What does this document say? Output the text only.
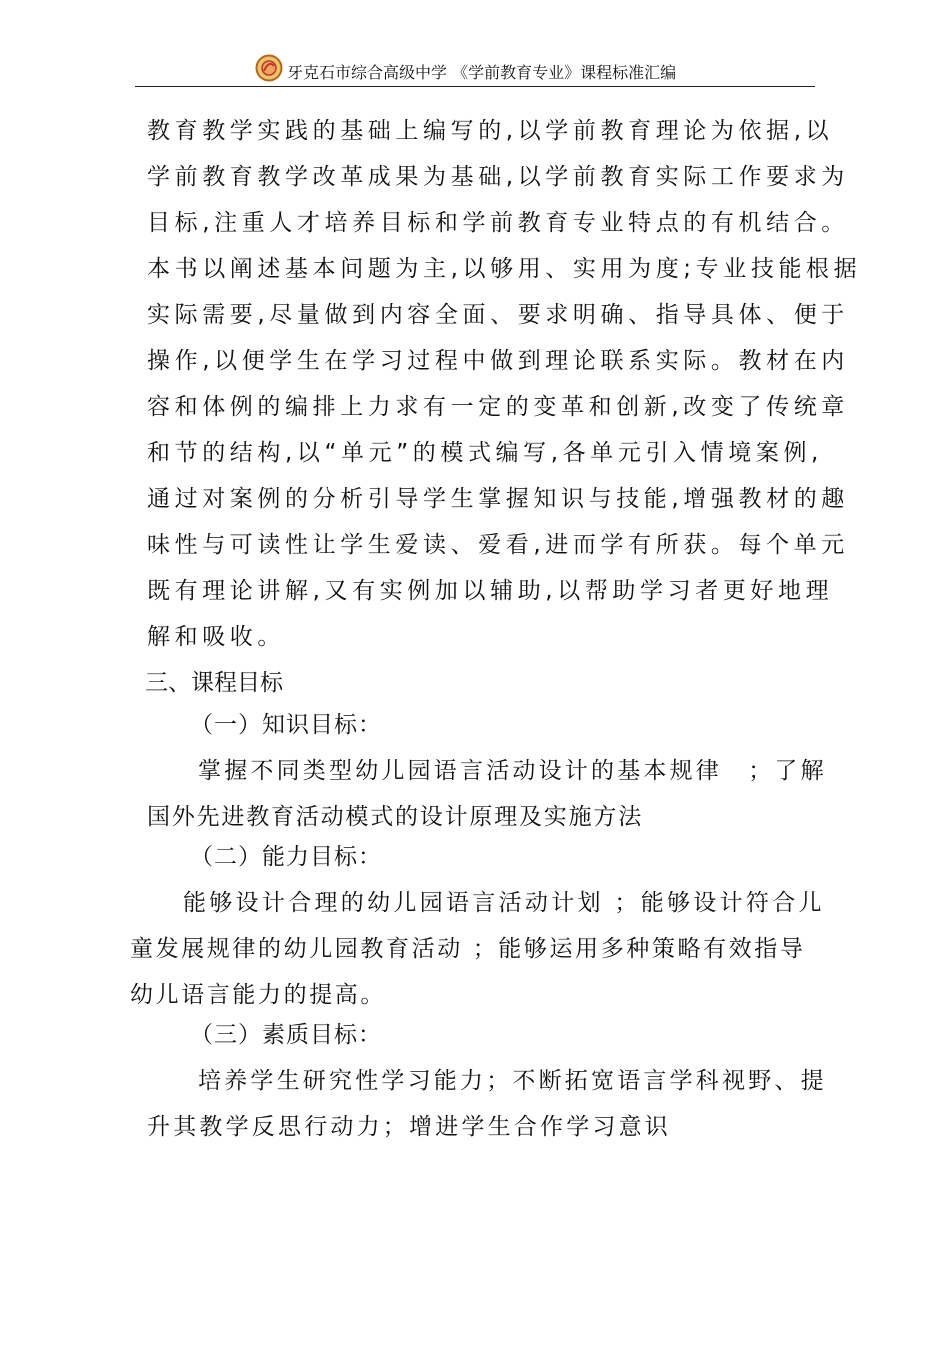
牙克石市综合高级中学 《学前教育专业》课程标准汇编
教育教学实践的基础上编写的,以学前教育理论为依据,以
学前教育教学改革成果为基础,以学前教育实际工作要求为
目标,注重人才培养目标和学前教育专业特点的有机结合。
本书以阐述基本问题为主,以够用、实用为度;专业技能根据
实际需要,尽量做到内容全面、要求明确、指导具体、便于
操作,以便学生在学习过程中做到理论联系实际。教材在内
容和体例的编排上力求有一定的变革和创新,改变了传统章
和节的结构,以“单元”的模式编写,各单元引入情境案例,
通过对案例的分析引导学生掌握知识与技能,增强教材的趣
味性与可读性让学生爱读、爱看,进而学有所获。每个单元
既有理论讲解,又有实例加以辅助,以帮助学习者更好地理
解和吸收。
三、课程目标
（一）知识目标：
掌握不同类型幼儿园语言活动设计的基本规律　；了解
国外先进教育活动模式的设计原理及实施方法
（二）能力目标：
能够设计合理的幼儿园语言活动计划 ；能够设计符合儿
童发展规律的幼儿园教育活动 ；能够运用多种策略有效指导
幼儿语言能力的提高。
（三）素质目标：
培养学生研究性学习能力；不断拓宽语言学科视野、提
升其教学反思行动力；增进学生合作学习意识
